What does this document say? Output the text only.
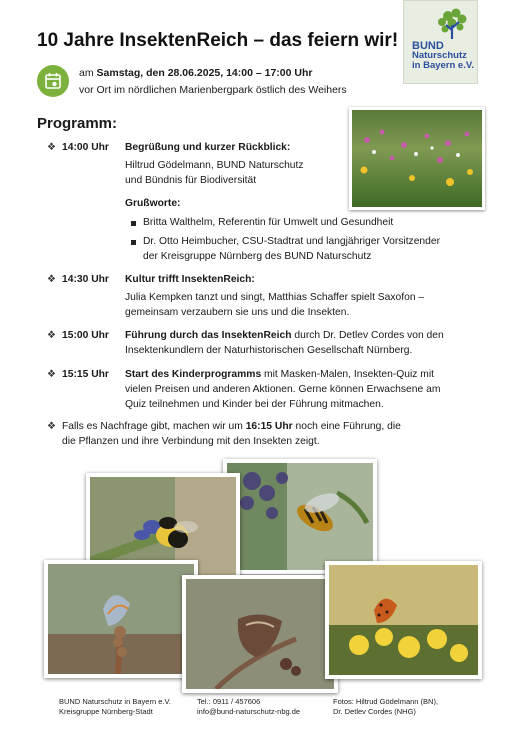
10 Jahre InsektenReich – das feiern wir! BUND
Naturschutz
in Bayern e.V.
am Samstag, den 28.06.2025, 14:00 – 17:00 Uhr
vor Ort im nördlichen Marienbergpark östlich des Weihers
Programm:
❖ 14:00 Uhr Begrüßung und kurzer Rückblick:
Hiltrud Gödelmann, BUND Naturschutz
und Bündnis für Biodiversität
Grußworte:
Britta Walthelm, Referentin für Umwelt und Gesundheit
Dr. Otto Heimbucher, CSU-Stadtrat und langjähriger Vorsitzender
der Kreisgruppe Nürnberg des BUND Naturschutz
❖ 14:30 Uhr Kultur trifft InsektenReich:
Julia Kempken tanzt und singt, Matthias Schaffer spielt Saxofon –
gemeinsam verzaubern sie uns und die Insekten.
❖ 15:00 Uhr Führung durch das InsektenReich durch Dr. Detlev Cordes von den
Insektenkundlern der Naturhistorischen Gesellschaft Nürnberg.
❖ 15:15 Uhr Start des Kinderprogramms mit Masken-Malen, Insekten-Quiz mit
vielen Preisen und anderen Aktionen. Gerne können Erwachsene am
Quiz teilnehmen und Kinder bei der Führung mitmachen.
❖ Falls es Nachfrage gibt, machen wir um 16:15 Uhr noch eine Führung, die
die Pflanzen und ihre Verbindung mit den Insekten zeigt.
BUND Naturschutz in Bayern e.V.
Kreisgruppe Nürnberg-Stadt
Tel.: 0911 / 457606
info@bund-naturschutz-nbg.de
Fotos: Hiltrud Gödelmann (BN),
Dr. Detlev Cordes (NHG)
